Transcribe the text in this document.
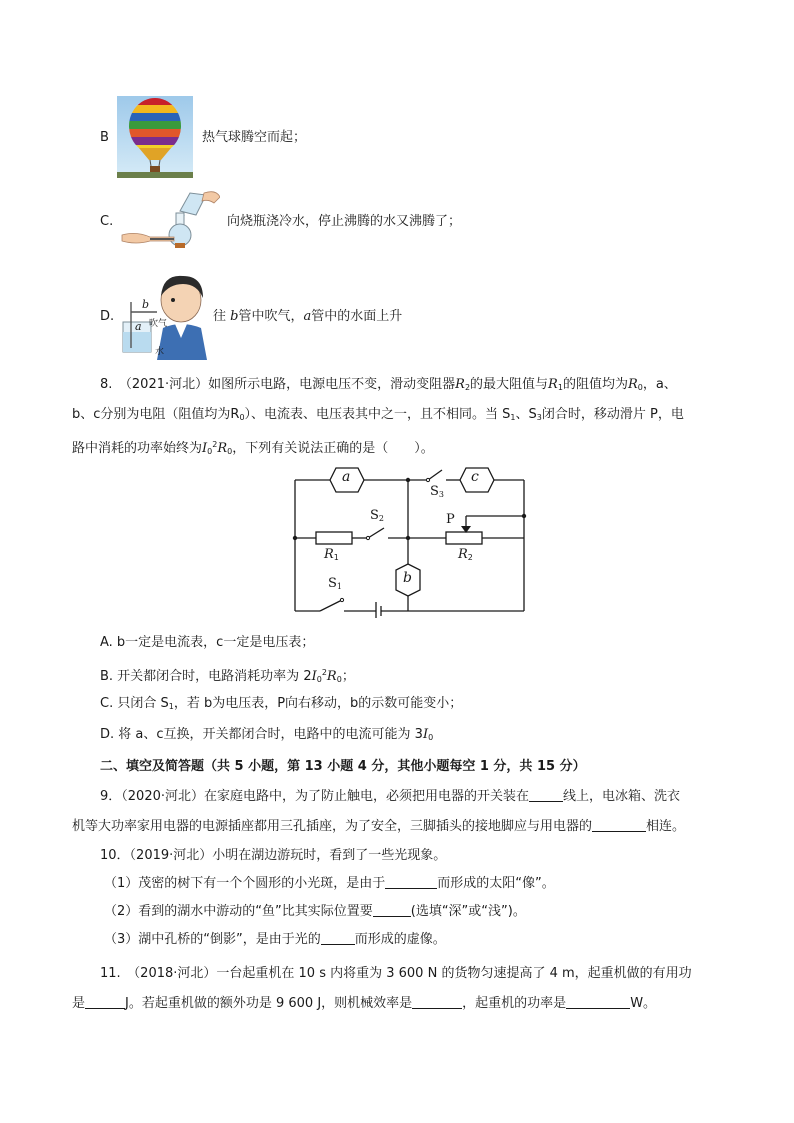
B	热气球腾空而起；
C.	向烧瓶浇冷水，停止沸腾的水又沸腾了；
D.
b
a 吹气
水
往 b管中吹气，a管中的水面上升
8.　（2021·河北）如图所示电路，电源电压不变，滑动变阻器$R_2$的最大阻值与$R_1$的阻值均为$R_0$，a、
b、c分别为电阻（阻值均为$R_0$）、电流表、电压表其中之一，且不相同。当 $S_1$、$S_3$闭合时，移动滑片 P，电
路中消耗的功率始终为$I_0^2R_0$，下列有关说法正确的是（　　）。
a	c
b
$S_3$
$S_2$
$S_1$
P
$R_1$	$R_2$
A. b一定是电流表，c一定是电压表；
B. 开关都闭合时，电路消耗功率为 $2I_0^2R_0$；
C. 只闭合 $S_1$，若 b为电压表，P向右移动，b的示数可能变小；
D. 将 a、c互换，开关都闭合时，电路中的电流可能为 $3I_0$
二、填空及简答题（共 5 小题，第 13 小题 4 分，其他小题每空 1 分，共 15 分）
9．（2020·河北）在家庭电路中，为了防止触电，必须把用电器的开关装在	线上，电冰箱、洗衣
机等大功率家用电器的电源插座都用三孔插座，为了安全，三脚插头的接地脚应与用电器的	相连。
10．（2019·河北）小明在湖边游玩时，看到了一些光现象。
（1）茂密的树下有一个个圆形的小光斑，是由于	而形成的太阳“像”。
（2）看到的湖水中游动的“鱼”比其实际位置要	(选填“深”或“浅”)。
（3）湖中孔桥的“倒影”，是由于光的	而形成的虚像。
11.　（2018·河北）一台起重机在 10 s 内将重为 3 600 N 的货物匀速提高了 4 m，起重机做的有用功
是	J。若起重机做的额外功是 9 600 J，则机械效率是	，起重机的功率是	W。
